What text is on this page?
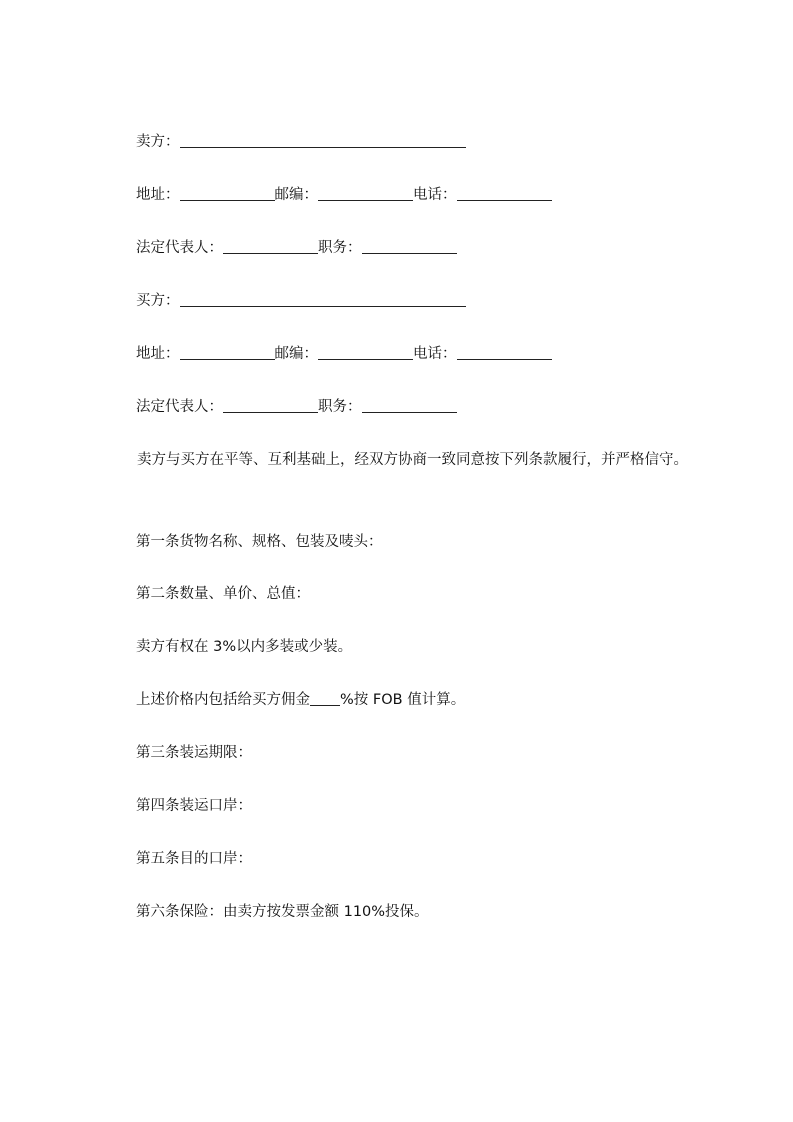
卖方：
地址：	邮编：	电话：
法定代表人：	职务：
买方：
地址：	邮编：	电话：
法定代表人：	职务：
卖方与买方在平等、互利基础上，经双方协商一致同意按下列条款履行，并严格信守。
第一条货物名称、规格、包装及唛头：
第二条数量、单价、总值：
卖方有权在 3%以内多装或少装。
上述价格内包括给买方佣金 %按 FOB 值计算。
第三条装运期限：
第四条装运口岸：
第五条目的口岸：
第六条保险：由卖方按发票金额 110%投保。
